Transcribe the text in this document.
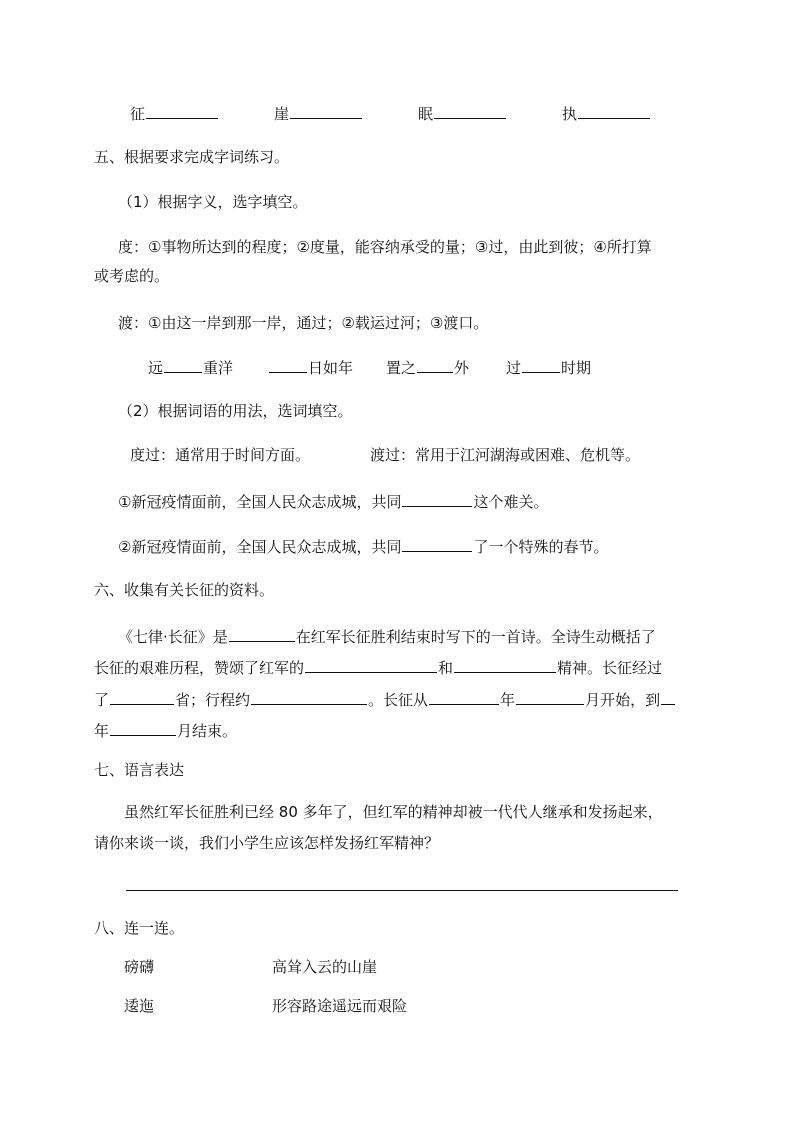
征	崖	眠	执
五、根据要求完成字词练习。
（1）根据字义，选字填空。
度：①事物所达到的程度；②度量，能容纳承受的量；③过，由此到彼；④所打算
或考虑的。
渡：①由这一岸到那一岸，通过；②载运过河；③渡口。
远	重洋	日如年 置之	外 过	时期
（2）根据词语的用法，选词填空。
度过：通常用于时间方面。	渡过：常用于江河湖海或困难、危机等。
①新冠疫情面前，全国人民众志成城，共同	这个难关。
②新冠疫情面前，全国人民众志成城，共同	了一个特殊的春节。
六、收集有关长征的资料。
《七律·长征》是	在红军长征胜利结束时写下的一首诗。全诗生动概括了
长征的艰难历程，赞颂了红军的	和	精神。长征经过
了	省；行程约	。长征从	年	月开始，到
年	月结束。
七、语言表达
虽然红军长征胜利已经 80 多年了，但红军的精神却被一代代人继承和发扬起来，
请你来谈一谈，我们小学生应该怎样发扬红军精神？
八、连一连。
磅礴	高耸入云的山崖
逶迤	形容路途遥远而艰险
